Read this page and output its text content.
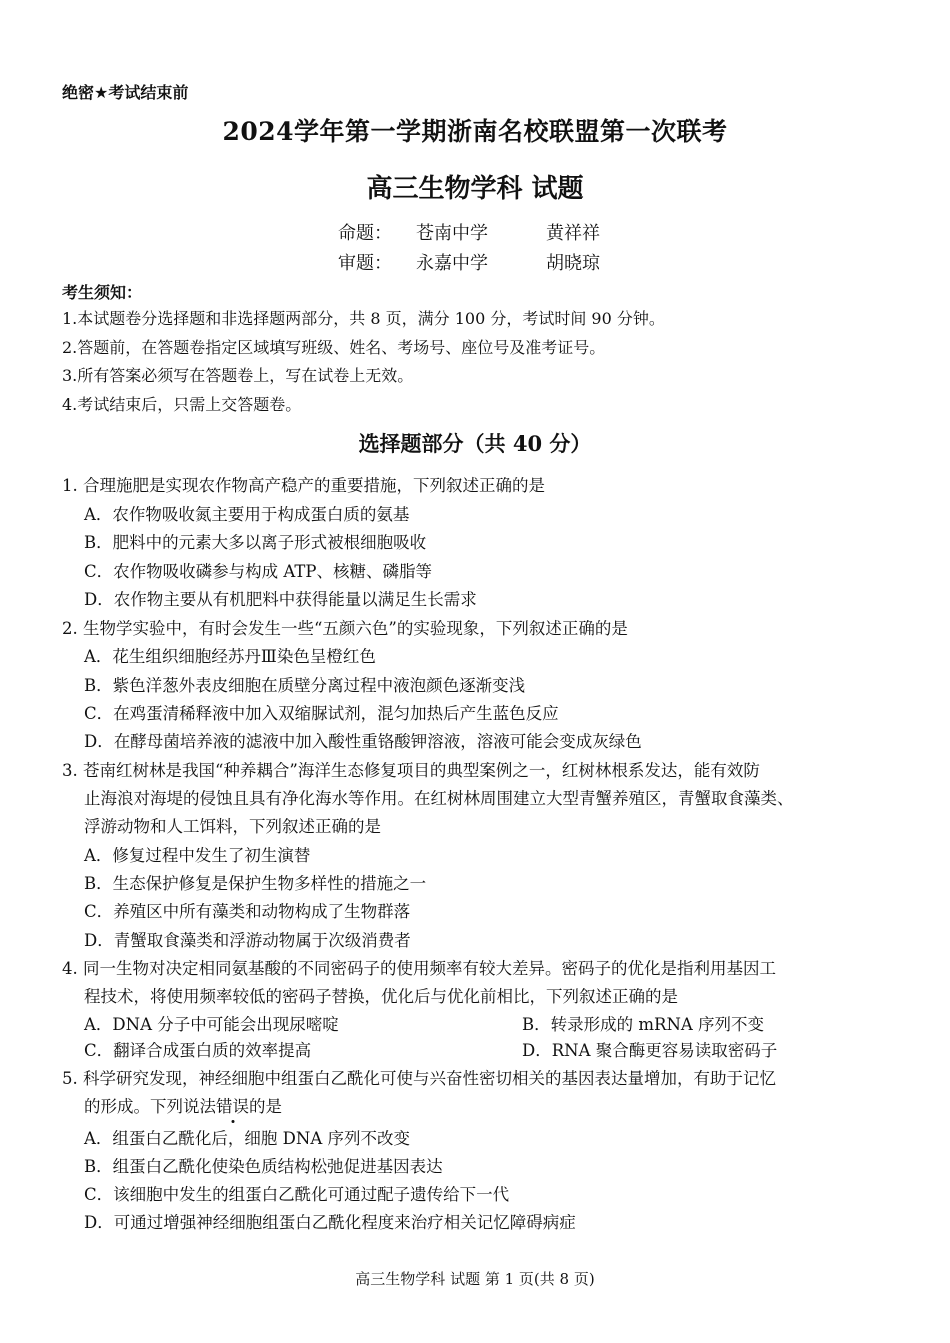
绝密★考试结束前
2024学年第一学期浙南名校联盟第一次联考
高三生物学科 试题
命题： 苍南中学	黄祥祥
审题： 永嘉中学	胡晓琼
考生须知：
1.本试题卷分选择题和非选择题两部分，共 8 页，满分 100 分，考试时间 90 分钟。
2.答题前，在答题卷指定区域填写班级、姓名、考场号、座位号及准考证号。
3.所有答案必须写在答题卷上，写在试卷上无效。
4.考试结束后，只需上交答题卷。
选择题部分（共 40 分）
1. 合理施肥是实现农作物高产稳产的重要措施，下列叙述正确的是
A．农作物吸收氮主要用于构成蛋白质的氨基
B．肥料中的元素大多以离子形式被根细胞吸收
C．农作物吸收磷参与构成 ATP、核糖、磷脂等
D．农作物主要从有机肥料中获得能量以满足生长需求
2. 生物学实验中，有时会发生一些“五颜六色”的实验现象，下列叙述正确的是
A．花生组织细胞经苏丹Ⅲ染色呈橙红色
B．紫色洋葱外表皮细胞在质壁分离过程中液泡颜色逐渐变浅
C．在鸡蛋清稀释液中加入双缩脲试剂，混匀加热后产生蓝色反应
D．在酵母菌培养液的滤液中加入酸性重铬酸钾溶液，溶液可能会变成灰绿色
3. 苍南红树林是我国“种养耦合”海洋生态修复项目的典型案例之一，红树林根系发达，能有效防
止海浪对海堤的侵蚀且具有净化海水等作用。在红树林周围建立大型青蟹养殖区，青蟹取食藻类、
浮游动物和人工饵料，下列叙述正确的是
A．修复过程中发生了初生演替
B．生态保护修复是保护生物多样性的措施之一
C．养殖区中所有藻类和动物构成了生物群落
D．青蟹取食藻类和浮游动物属于次级消费者
4. 同一生物对决定相同氨基酸的不同密码子的使用频率有较大差异。密码子的优化是指利用基因工
程技术，将使用频率较低的密码子替换，优化后与优化前相比，下列叙述正确的是
A．DNA 分子中可能会出现尿嘧啶	B．转录形成的 mRNA 序列不变
C．翻译合成蛋白质的效率提高	D．RNA 聚合酶更容易读取密码子
5. 科学研究发现，神经细胞中组蛋白乙酰化可使与兴奋性密切相关的基因表达量增加，有助于记忆
的形成。下列说法错误的是
A．组蛋白乙酰化后，细胞 DNA 序列不改变
B．组蛋白乙酰化使染色质结构松弛促进基因表达
C．该细胞中发生的组蛋白乙酰化可通过配子遗传给下一代
D．可通过增强神经细胞组蛋白乙酰化程度来治疗相关记忆障碍病症
高三生物学科 试题 第 1 页(共 8 页)
